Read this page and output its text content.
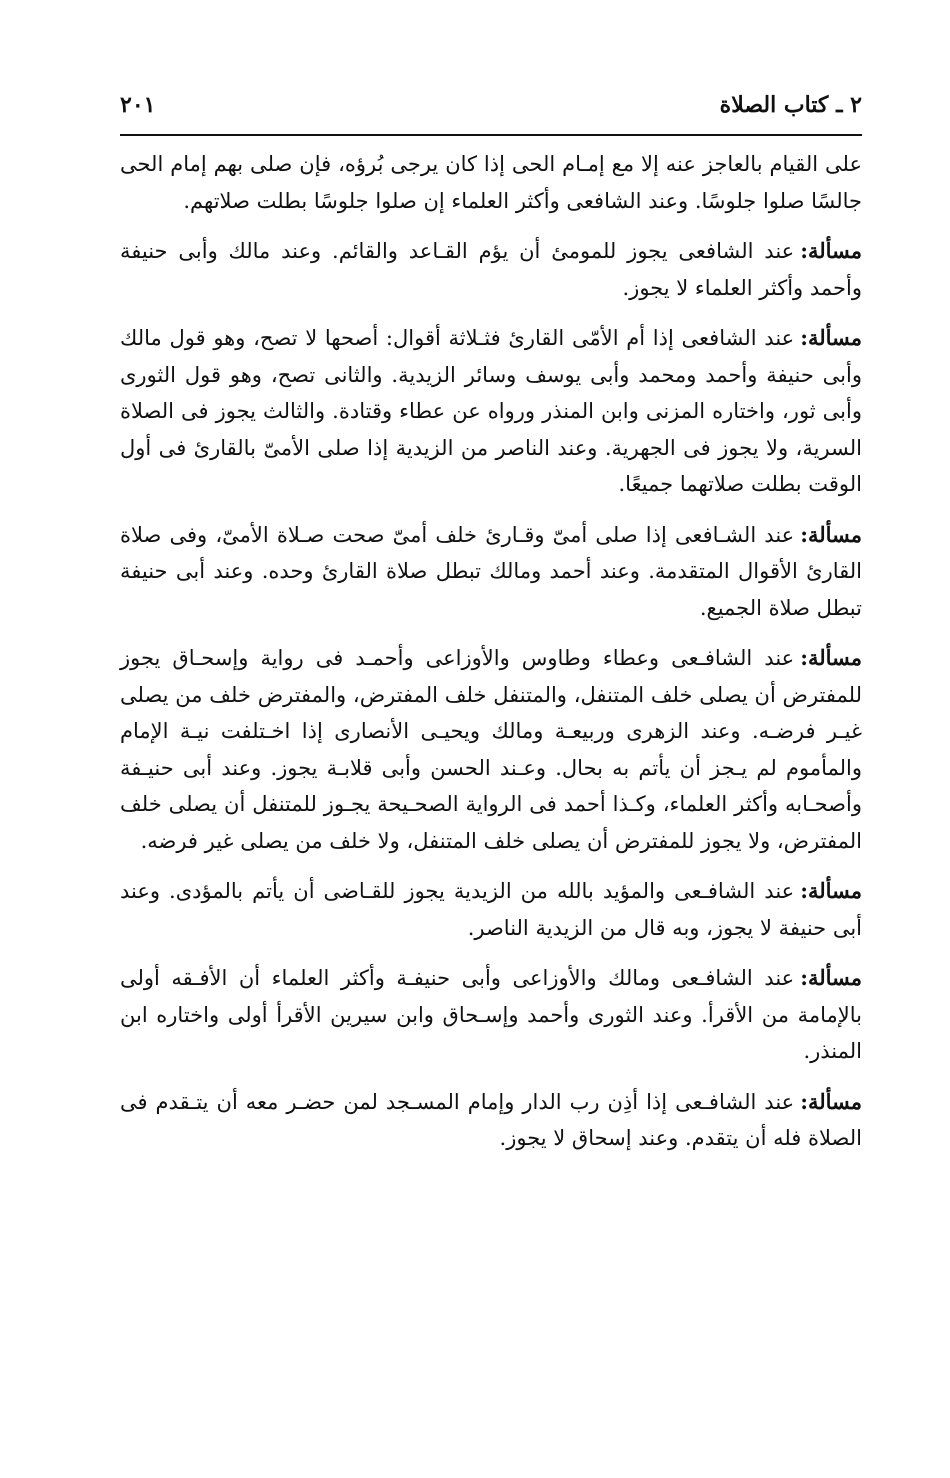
٢ ـ كتاب الصلاة
٢٠١

على القيام بالعاجز عنه إلا مع إمـام الحى إذا كان يرجى بُرؤه، فإن صلى بهم إمام الحى جالسًا صلوا جلوسًا. وعند الشافعى وأكثر العلماء إن صلوا جلوسًا بطلت صلاتهم.

مسألة:عند الشافعى يجوز للمومئ أن يؤم القـاعد والقائم. وعند مالك وأبى حنيفة وأحمد وأكثر العلماء لا يجوز.

مسألة:عند الشافعى إذا أم الأمّى القارئ فثـلاثة أقوال: أصحها لا تصح، وهو قول مالك وأبى حنيفة وأحمد ومحمد وأبى يوسف وسائر الزيدية. والثانى تصح، وهو قول الثورى وأبى ثور، واختاره المزنى وابن المنذر ورواه عن عطاء وقتادة. والثالث يجوز فى الصلاة السرية، ولا يجوز فى الجهرية. وعند الناصر من الزيدية إذا صلى الأمىّ بالقارئ فى أول الوقت بطلت صلاتهما جميعًا.

مسألة:عند الشـافعى إذا صلى أمىّ وقـارئ خلف أمىّ صحت صـلاة الأمىّ، وفى صلاة القارئ الأقوال المتقدمة. وعند أحمد ومالك تبطل صلاة القارئ وحده. وعند أبى حنيفة تبطل صلاة الجميع.

مسألة:عند الشافـعى وعطاء وطاوس والأوزاعى وأحمـد فى رواية وإسحـاق يجوز للمفترض أن يصلى خلف المتنفل، والمتنفل خلف المفترض، والمفترض خلف من يصلى غيـر فرضـه. وعند الزهرى وربيعـة ومالك ويحيـى الأنصارى إذا اخـتلفت نيـة الإمام والمأموم لم يـجز أن يأتم به بحال. وعـند الحسن وأبى قلابـة يجوز. وعند أبى حنيـفة وأصحـابه وأكثر العلماء، وكـذا أحمد فى الرواية الصحـيحة يجـوز للمتنفل أن يصلى خلف المفترض، ولا يجوز للمفترض أن يصلى خلف المتنفل، ولا خلف من يصلى غير فرضه.

مسألة:عند الشافـعى والمؤيد بالله من الزيدية يجوز للقـاضى أن يأتم بالمؤدى. وعند أبى حنيفة لا يجوز، وبه قال من الزيدية الناصر.

مسألة:عند الشافـعى ومالك والأوزاعى وأبى حنيفـة وأكثر العلماء أن الأفـقه أولى بالإمامة من الأقرأ. وعند الثورى وأحمد وإسـحاق وابن سيرين الأقرأ أولى واختاره ابن المنذر.

مسألة:عند الشافـعى إذا أذِن رب الدار وإمام المسـجد لمن حضـر معه أن يتـقدم فى الصلاة فله أن يتقدم. وعند إسحاق لا يجوز.
